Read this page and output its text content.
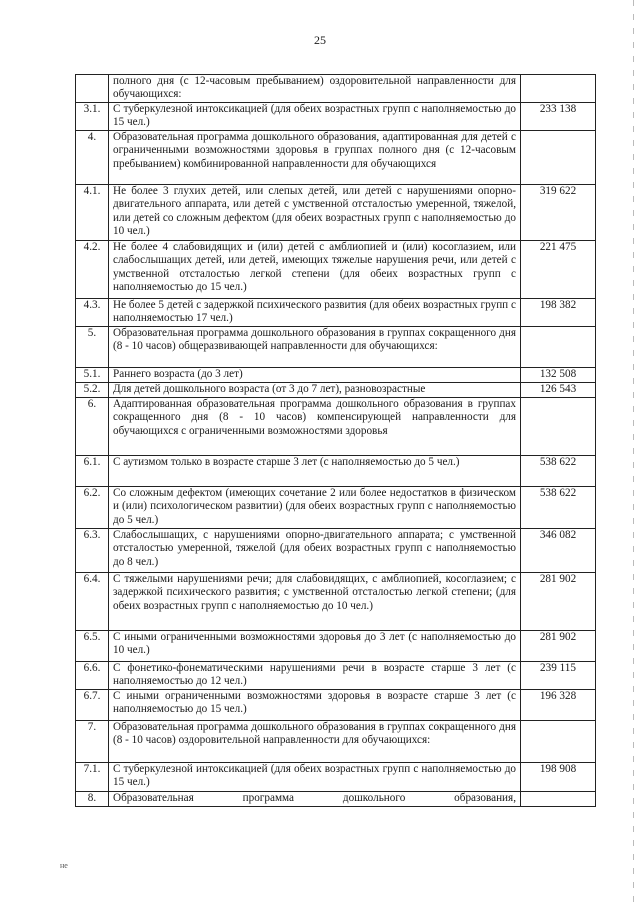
25
	полного дня (с 12-часовым пребыванием) оздоровительной направленности для обучающихся:	
3.1.	С туберкулезной интоксикацией (для обеих возрастных групп с наполняемостью до 15 чел.)	233 138
4.	Образовательная программа дошкольного образования, адаптированная для детей с ограниченными возможностями здоровья в группах полного дня (с 12-часовым пребыванием) комбинированной направленности для обучающихся	
4.1.	Не более 3 глухих детей, или слепых детей, или детей с нарушениями опорно-двигательного аппарата, или детей с умственной отсталостью умеренной, тяжелой, или детей со сложным дефектом (для обеих возрастных групп с наполняемостью до 10 чел.)	319 622
4.2.	Не более 4 слабовидящих и (или) детей с амблиопией и (или) косоглазием, или слабослышащих детей, или детей, имеющих тяжелые нарушения речи, или детей с умственной отсталостью легкой степени (для обеих возрастных групп с наполняемостью до 15 чел.)	221 475
4.3.	Не более 5 детей с задержкой психического развития (для обеих возрастных групп с наполняемостью 17 чел.)	198 382
5.	Образовательная программа дошкольного образования в группах сокращенного дня (8 - 10 часов) общеразвивающей направленности для обучающихся:	
5.1.	Раннего возраста (до 3 лет)	132 508
5.2.	Для детей дошкольного возраста (от 3 до 7 лет), разновозрастные	126 543
6.	Адаптированная образовательная программа дошкольного образования в группах сокращенного дня (8 - 10 часов) компенсирующей направленности для обучающихся с ограниченными возможностями здоровья	
6.1.	С аутизмом только в возрасте старше 3 лет (с наполняемостью до 5 чел.)	538 622
6.2.	Со сложным дефектом (имеющих сочетание 2 или более недостатков в физическом и (или) психологическом развитии) (для обеих возрастных групп с наполняемостью до 5 чел.)	538 622
6.3.	Слабослышащих, с нарушениями опорно-двигательного аппарата; с умственной отсталостью умеренной, тяжелой (для обеих возрастных групп с наполняемостью до 8 чел.)	346 082
6.4.	С тяжелыми нарушениями речи; для слабовидящих, с амблиопией, косоглазием; с задержкой психического развития; с умственной отсталостью легкой степени; (для обеих возрастных групп с наполняемостью до 10 чел.)	281 902
6.5.	С иными ограниченными возможностями здоровья до 3 лет (с наполняемостью до 10 чел.)	281 902
6.6.	С фонетико-фонематическими нарушениями речи в возрасте старше 3 лет (с наполняемостью до 12 чел.)	239 115
6.7.	С иными ограниченными возможностями здоровья в возрасте старше 3 лет (с наполняемостью до 15 чел.)	196 328
7.	Образовательная программа дошкольного образования в группах сокращенного дня (8 - 10 часов) оздоровительной направленности для обучающихся:	
7.1.	С туберкулезной интоксикацией (для обеих возрастных групп с наполняемостью до 15 чел.)	198 908
8.	Образовательная программа дошкольного образования,	
не
